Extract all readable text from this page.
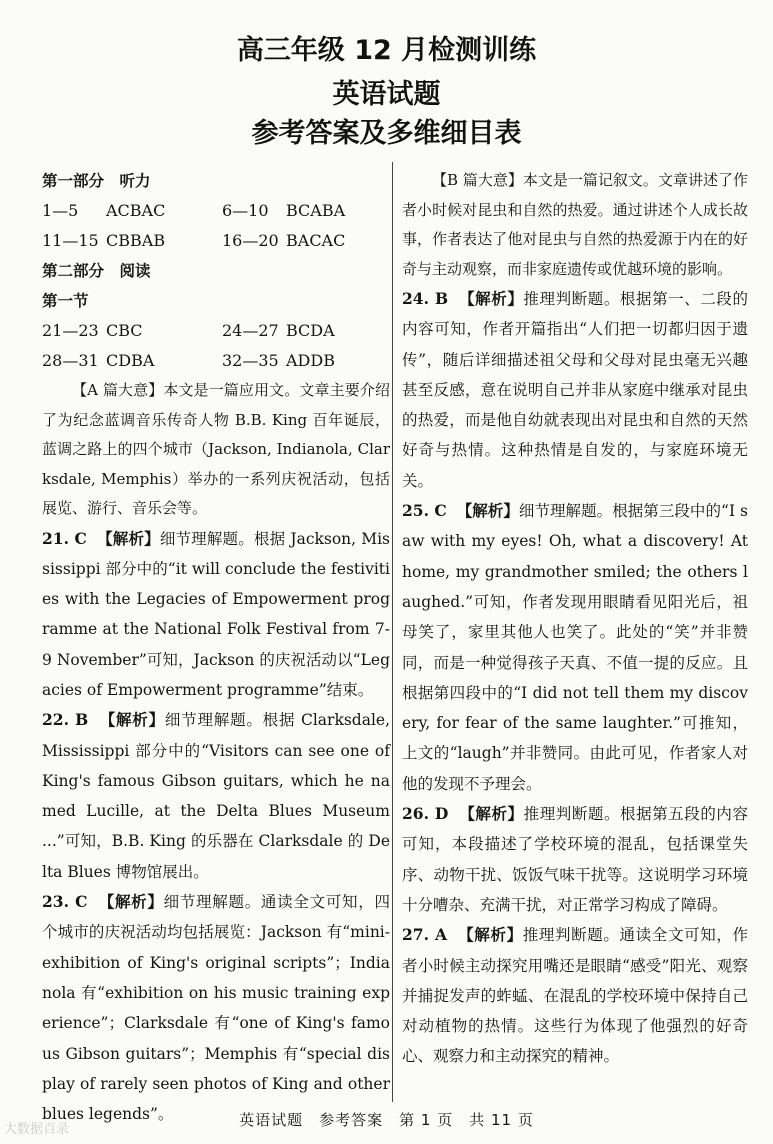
高三年级 12 月检测训练
英语试题
参考答案及多维细目表
第一部分　听力
1—5 ACBAC	6—10 BCABA
11—15 CBBAB	16—20 BACAC
第二部分　阅读
第一节
21—23 CBC	24—27 BCDA
28—31 CDBA	32—35 ADDB

【A 篇大意】本文是一篇应用文。文章主要介绍了为纪念蓝调音乐传奇人物 B.B. King 百年诞辰，蓝调之路上的四个城市（Jackson, Indianola, Clarksdale, Memphis）举办的一系列庆祝活动，包括展览、游行、音乐会等。

21. C 【解析】细节理解题。根据 Jackson, Mississippi 部分中的“it will conclude the festivities with the Legacies of Empowerment programme at the National Folk Festival from 7-9 November”可知，Jackson 的庆祝活动以“Legacies of Empowerment programme”结束。

22. B 【解析】细节理解题。根据 Clarksdale, Mississippi 部分中的“Visitors can see one of King's famous Gibson guitars, which he named Lucille, at the Delta Blues Museum ...”可知，B.B. King 的乐器在 Clarksdale 的 Delta Blues 博物馆展出。

23. C 【解析】细节理解题。通读全文可知，四个城市的庆祝活动均包括展览：Jackson 有“mini-exhibition of King's original scripts”；Indianola 有“exhibition on his music training experience”；Clarksdale 有“one of King's famous Gibson guitars”；Memphis 有“special display of rarely seen photos of King and other blues legends”。

【B 篇大意】本文是一篇记叙文。文章讲述了作者小时候对昆虫和自然的热爱。通过讲述个人成长故事，作者表达了他对昆虫与自然的热爱源于内在的好奇与主动观察，而非家庭遗传或优越环境的影响。

24. B 【解析】推理判断题。根据第一、二段的内容可知，作者开篇指出“人们把一切都归因于遗传”，随后详细描述祖父母和父母对昆虫毫无兴趣甚至反感，意在说明自己并非从家庭中继承对昆虫的热爱，而是他自幼就表现出对昆虫和自然的天然好奇与热情。这种热情是自发的，与家庭环境无关。

25. C 【解析】细节理解题。根据第三段中的“I saw with my eyes! Oh, what a discovery! At home, my grandmother smiled; the others laughed.”可知，作者发现用眼睛看见阳光后，祖母笑了，家里其他人也笑了。此处的“笑”并非赞同，而是一种觉得孩子天真、不值一提的反应。且根据第四段中的“I did not tell them my discovery, for fear of the same laughter.”可推知，上文的“laugh”并非赞同。由此可见，作者家人对他的发现不予理会。

26. D 【解析】推理判断题。根据第五段的内容可知，本段描述了学校环境的混乱，包括课堂失序、动物干扰、饭饭气味干扰等。这说明学习环境十分嘈杂、充满干扰，对正常学习构成了障碍。

27. A 【解析】推理判断题。通读全文可知，作者小时候主动探究用嘴还是眼睛“感受”阳光、观察并捕捉发声的蚱蜢、在混乱的学校环境中保持自己对动植物的热情。这些行为体现了他强烈的好奇心、观察力和主动探究的精神。

英语试题　参考答案　第 1 页　共 11 页
大数据百录
